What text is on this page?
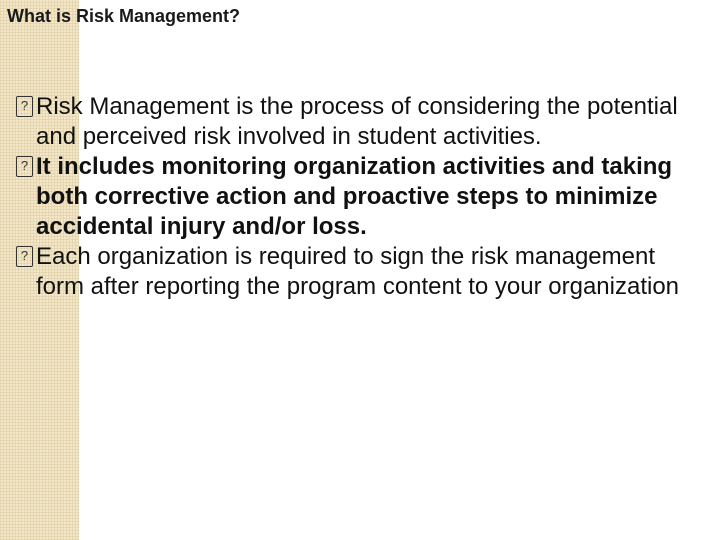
What is Risk Management?
? Risk Management is the process of considering the potential and perceived risk involved in student activities.
? It includes monitoring organization activities and taking both corrective action and proactive steps to minimize accidental injury and/or loss.
? Each organization is required to sign the risk management form after reporting the program content to your organization
